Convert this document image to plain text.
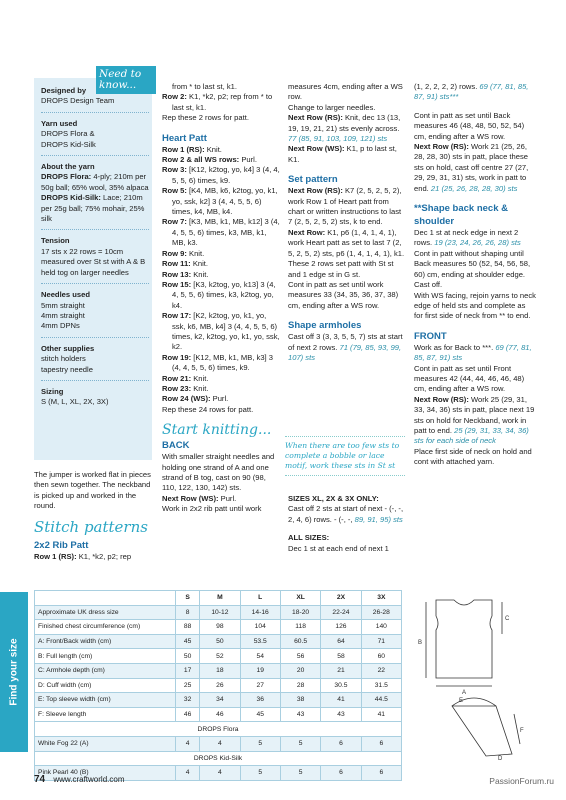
Designed by
DROPS Design Team
Yarn used
DROPS Flora & DROPS Kid-Silk
About the yarn
DROPS Flora: 4-ply; 210m per 50g ball; 65% wool, 35% alpaca
DROPS Kid-Silk: Lace; 210m per 25g ball; 75% mohair, 25% silk
Tension
17 sts x 22 rows = 10cm measured over St st with A & B held tog on larger needles
Needles used
5mm straight
4mm straight
4mm DPNs
Other supplies
stitch holders
tapestry needle
Sizing
S (M, L, XL, 2X, 3X)
Need to know...

The jumper is worked flat in pieces then sewn together. The neckband is picked up and worked in the round.

Stitch patterns
2x2 Rib Patt

Row 1 (RS): K1, *k2, p2; rep

from * to last st, k1.

Row 2: K1, *k2, p2; rep from * to last st, k1.

Rep these 2 rows for patt.

Heart Patt

Row 1 (RS): Knit.

Row 2 & all WS rows: Purl.

Row 3: [K12, k2tog, yo, k4] 3 (4, 4, 5, 5, 6) times, k9.

Row 5: [K4, MB, k6, k2tog, yo, k1, yo, ssk, k2] 3 (4, 4, 5, 5, 6) times, k4, MB, k4.

Row 7: [K3, MB, k1, MB, k12] 3 (4, 4, 5, 5, 6) times, k3, MB, k1, MB, k3.

Row 9: Knit.

Row 11: Knit.

Row 13: Knit.

Row 15: [K3, k2tog, yo, k13] 3 (4, 4, 5, 5, 6) times, k3, k2tog, yo, k4.

Row 17: [K2, k2tog, yo, k1, yo, ssk, k6, MB, k4] 3 (4, 4, 5, 5, 6) times, k2, k2tog, yo, k1, yo, ssk, k2.

Row 19: [K12, MB, k1, MB, k3] 3 (4, 4, 5, 5, 6) times, k9.

Row 21: Knit.

Row 23: Knit.

Row 24 (WS): Purl.

Rep these 24 rows for patt.

Start knitting...
BACK

With smaller straight needles and holding one strand of A and one strand of B tog, cast on 90 (98, 110, 122, 130, 142) sts.

Next Row (WS): Purl.

Work in 2x2 rib patt until work

measures 4cm, ending after a WS row.

Change to larger needles.

Next Row (RS): Knit, dec 13 (13, 19, 19, 21, 21) sts evenly across. 77 (85, 91, 103, 109, 121) sts

Next Row (WS): K1, p to last st, K1.

Set pattern

Next Row (RS): K7 (2, 5, 2, 5, 2), work Row 1 of Heart patt from chart or written instructions to last 7 (2, 5, 2, 5, 2) sts, k to end.

Next Row: K1, p6 (1, 4, 1, 4, 1), work Heart patt as set to last 7 (2, 5, 2, 5, 2) sts, p6 (1, 4, 1, 4, 1), k1.

These 2 rows set patt with St st and 1 edge st in G st.

Cont in patt as set until work measures 33 (34, 35, 36, 37, 38) cm, ending after a WS row.

Shape armholes

Cast off 3 (3, 3, 5, 5, 7) sts at start of next 2 rows. 71 (79, 85, 93, 99, 107) sts

When there are too few sts to complete a bobble or lace motif, work these sts in St st

SIZES XL, 2X & 3X ONLY:

Cast off 2 sts at start of next - (-, -, 2, 4, 6) rows. - (-, -, 89, 91, 95) sts

ALL SIZES:

Dec 1 st at each end of next 1

(1, 2, 2, 2, 2) rows. 69 (77, 81, 85, 87, 91) sts***

Cont in patt as set until Back measures 46 (48, 48, 50, 52, 54) cm, ending after a WS row.

Next Row (RS): Work 21 (25, 26, 28, 28, 30) sts in patt, place these sts on hold, cast off centre 27 (27, 29, 29, 31, 31) sts, work in patt to end. 21 (25, 26, 28, 28, 30) sts

**Shape back neck & shoulder

Dec 1 st at neck edge in next 2 rows. 19 (23, 24, 26, 26, 28) sts

Cont in patt without shaping until Back measures 50 (52, 54, 56, 58, 60) cm, ending at shoulder edge.

Cast off.

With WS facing, rejoin yarns to neck edge of held sts and complete as for first side of neck from ** to end.

FRONT

Work as for Back to ***. 69 (77, 81, 85, 87, 91) sts

Cont in patt as set until Front measures 42 (44, 44, 46, 46, 48) cm, ending after a WS row.

Next Row (RS): Work 25 (29, 31, 33, 34, 36) sts in patt, place next 19 sts on hold for Neckband, work in patt to end. 25 (29, 31, 33, 34, 36) sts for each side of neck

Place first side of neck on hold and cont with attached yarn.

Find your size
	S	M	L	XL	2X	3X
Approximate UK dress size	8	10-12	14-16	18-20	22-24	26-28
Finished chest circumference (cm)	88	98	104	118	126	140
A: Front/Back width (cm)	45	50	53.5	60.5	64	71
B: Full length (cm)	50	52	54	56	58	60
C: Armhole depth (cm)	17	18	19	20	21	22
D: Cuff width (cm)	25	26	27	28	30.5	31.5
E: Top sleeve width (cm)	32	34	36	38	41	44.5
F: Sleeve length	46	46	45	43	43	41
DROPS Flora						
White Fog 22 (A)	4	4	5	5	6	6
DROPS Kid-Silk						
Pink Pearl 40 (B)	4	4	5	5	6	6
C
B
A
E
F
D
74 www.craftworld.com	PassionForum.ru
